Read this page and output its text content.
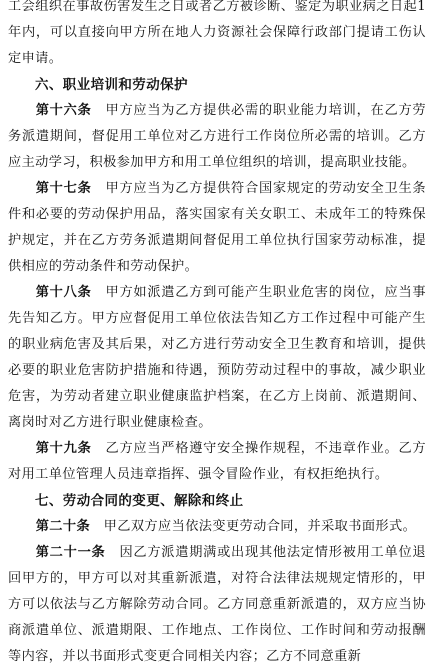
工会组织在事故伤害发生之日或者乙方被诊断、鉴定为职业病之日起1年内，可以直接向甲方所在地人力资源社会保障行政部门提请工伤认定申请。

六、职业培训和劳动保护

第十六条  甲方应当为乙方提供必需的职业能力培训，在乙方劳务派遣期间，督促用工单位对乙方进行工作岗位所必需的培训。乙方应主动学习，积极参加甲方和用工单位组织的培训，提高职业技能。

第十七条  甲方应当为乙方提供符合国家规定的劳动安全卫生条件和必要的劳动保护用品，落实国家有关女职工、未成年工的特殊保护规定，并在乙方劳务派遣期间督促用工单位执行国家劳动标准，提供相应的劳动条件和劳动保护。

第十八条  甲方如派遣乙方到可能产生职业危害的岗位，应当事先告知乙方。甲方应督促用工单位依法告知乙方工作过程中可能产生的职业病危害及其后果，对乙方进行劳动安全卫生教育和培训，提供必要的职业危害防护措施和待遇，预防劳动过程中的事故，减少职业危害，为劳动者建立职业健康监护档案，在乙方上岗前、派遣期间、离岗时对乙方进行职业健康检查。

第十九条  乙方应当严格遵守安全操作规程，不违章作业。乙方对用工单位管理人员违章指挥、强令冒险作业，有权拒绝执行。

七、劳动合同的变更、解除和终止

第二十条  甲乙双方应当依法变更劳动合同，并采取书面形式。

第二十一条  因乙方派遣期满或出现其他法定情形被用工单位退回甲方的，甲方可以对其重新派遣，对符合法律法规规定情形的，甲方可以依法与乙方解除劳动合同。乙方同意重新派遣的，双方应当协商派遣单位、派遣期限、工作地点、工作岗位、工作时间和劳动报酬等内容，并以书面形式变更合同相关内容；乙方不同意重新
